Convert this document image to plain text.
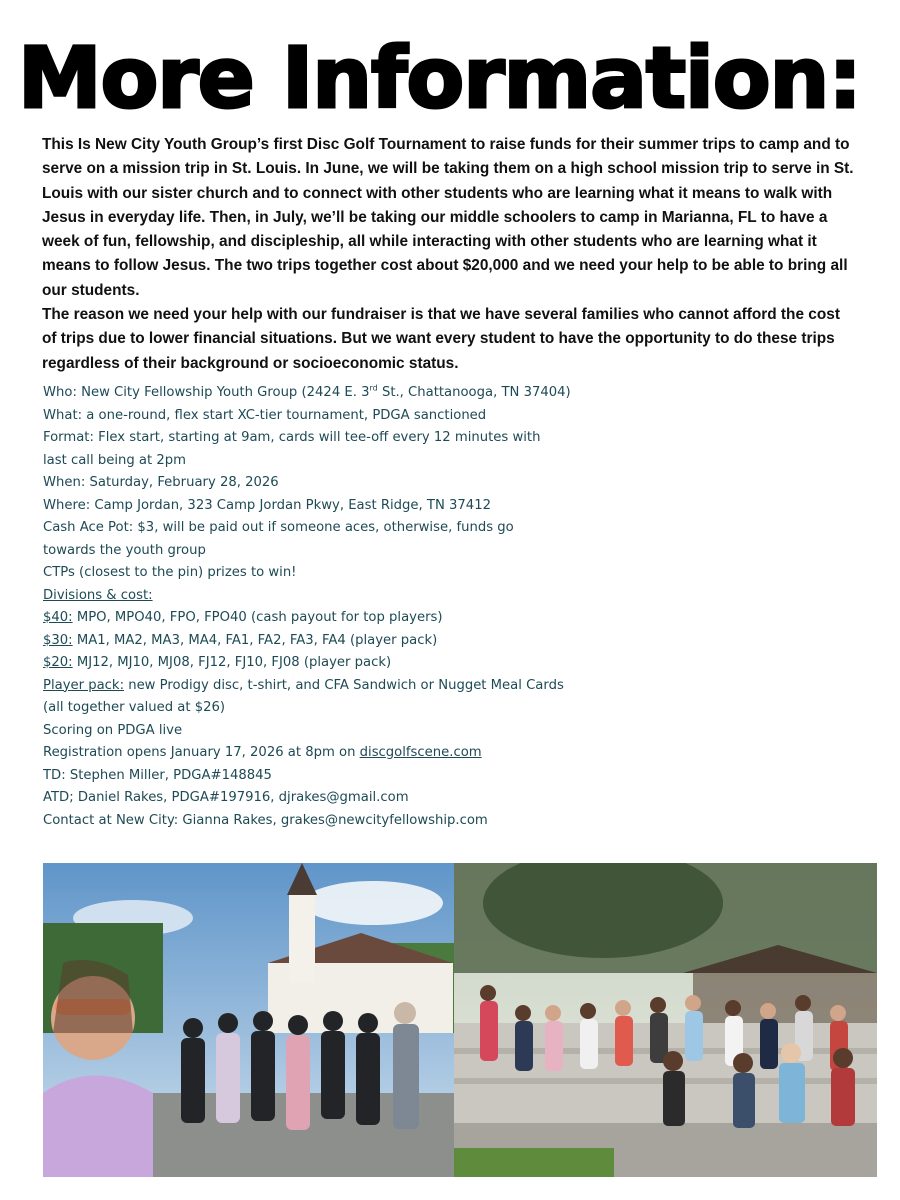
More Information:

This Is New City Youth Group’s first Disc Golf Tournament to raise funds for their summer trips to camp and to serve on a mission trip in St. Louis. In June, we will be taking them on a high school mission trip to serve in St. Louis with our sister church and to connect with other students who are learning what it means to walk with Jesus in everyday life. Then, in July, we’ll be taking our middle schoolers to camp in Marianna, FL to have a week of fun, fellowship, and discipleship, all while interacting with other students who are learning what it means to follow Jesus. The two trips together cost about $20,000 and we need your help to be able to bring all our students.

The reason we need your help with our fundraiser is that we have several families who cannot afford the cost of trips due to lower financial situations. But we want every student to have the opportunity to do these trips regardless of their background or socioeconomic status.

Who: New City Fellowship Youth Group (2424 E. 3rd St., Chattanooga, TN 37404)
What: a one-round, flex start XC-tier tournament, PDGA sanctioned
Format: Flex start, starting at 9am, cards will tee-off every 12 minutes with
last call being at 2pm
When: Saturday, February 28, 2026
Where: Camp Jordan, 323 Camp Jordan Pkwy, East Ridge, TN 37412
Cash Ace Pot: $3, will be paid out if someone aces, otherwise, funds go
towards the youth group
CTPs (closest to the pin) prizes to win!
Divisions & cost:
$40: MPO, MPO40, FPO, FPO40 (cash payout for top players)
$30: MA1, MA2, MA3, MA4, FA1, FA2, FA3, FA4 (player pack)
$20: MJ12, MJ10, MJ08, FJ12, FJ10, FJ08 (player pack)
Player pack: new Prodigy disc, t-shirt, and CFA Sandwich or Nugget Meal Cards
(all together valued at $26)
Scoring on PDGA live
Registration opens January 17, 2026 at 8pm on discgolfscene.com
TD: Stephen Miller, PDGA#148845
ATD; Daniel Rakes, PDGA#197916, djrakes@gmail.com
Contact at New City: Gianna Rakes, grakes@newcityfellowship.com
